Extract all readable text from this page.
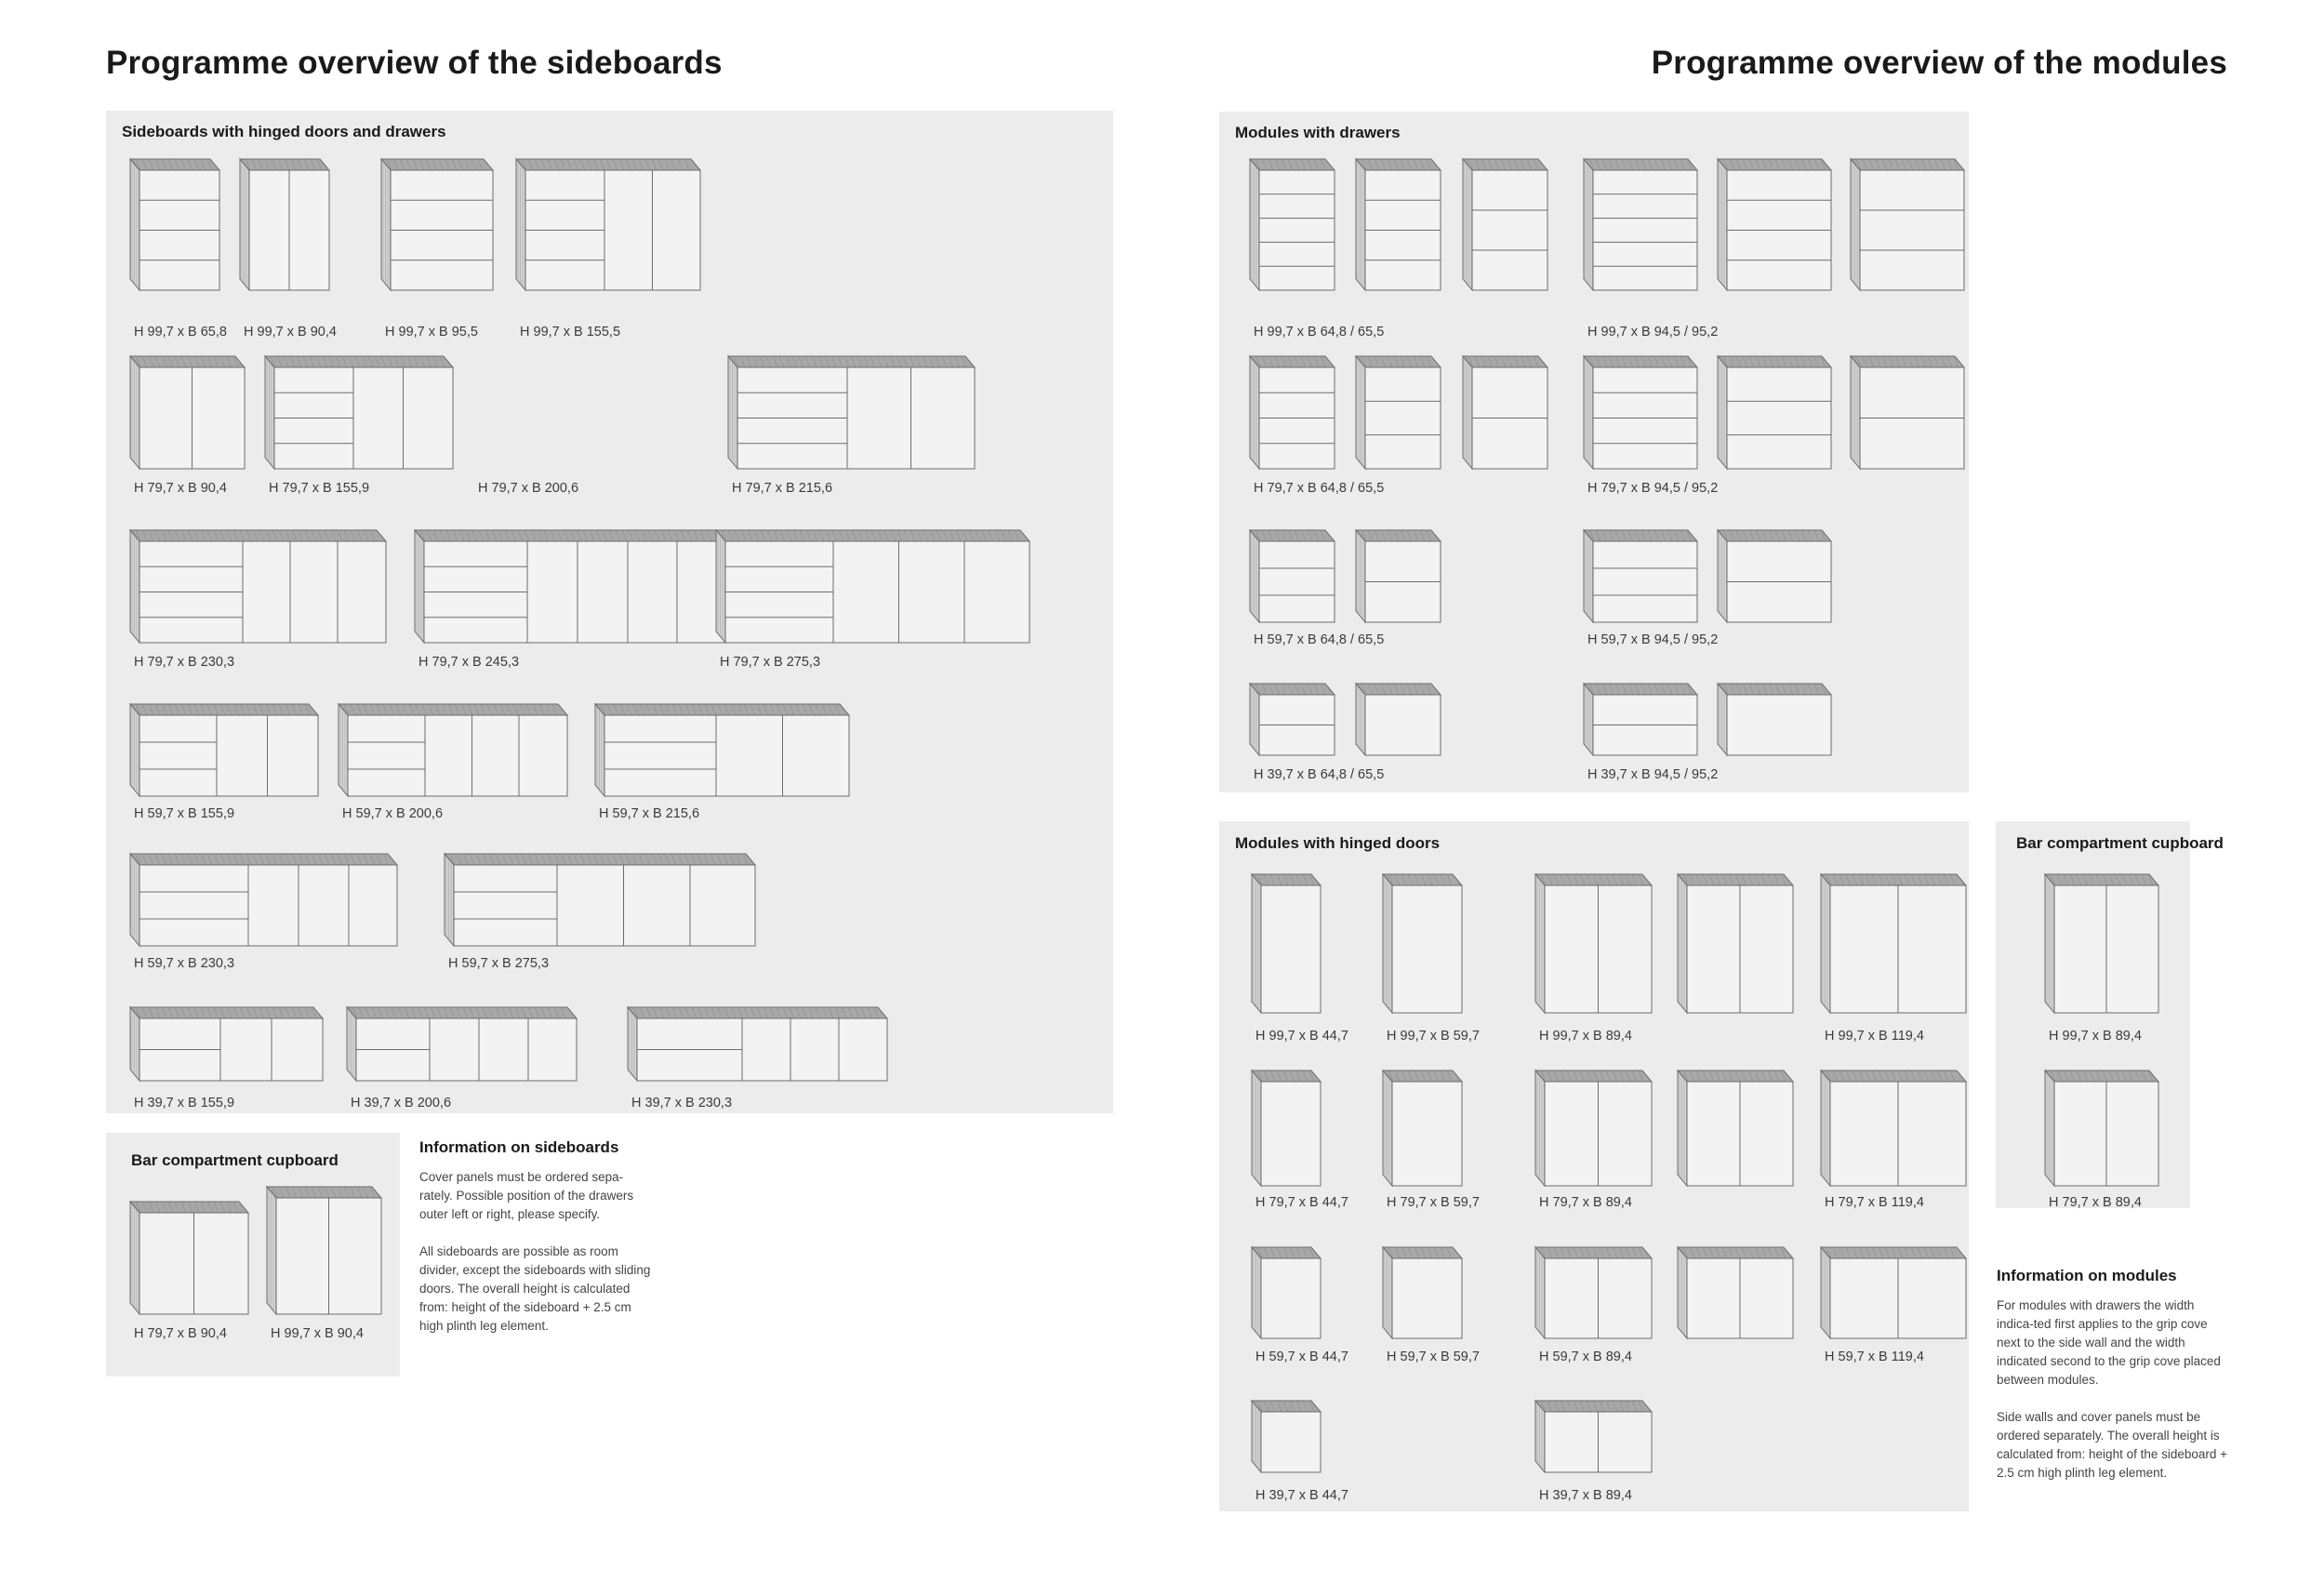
Programme overview of the sideboards	Programme overview of the modules
Sideboards with hinged doors and drawers
Bar compartment cupboard
Information on sideboards

Cover panels must be ordered sepa-rately. Possible position of the drawers outer left or right, please specify.

All sideboards are possible as room divider, except the sideboards with sliding doors. The overall height is calculated from: height of the sideboard + 2.5 cm high plinth leg element.

Modules with drawers
Modules with hinged doors	Bar compartment cupboard
Information on modules

For modules with drawers the width indica-ted first applies to the grip cove next to the side wall and the width indicated second to the grip cove placed between modules.

Side walls and cover panels must be ordered separately. The overall height is calculated from: height of the sideboard + 2.5 cm high plinth leg element.

H 99,7 x B 65,8 H 99,7 x B 90,4	H 99,7 x B 95,5	H 99,7 x B 155,5
H 79,7 x B 90,4	H 79,7 x B 155,9	H 79,7 x B 200,6	H 79,7 x B 215,6
H 79,7 x B 230,3	H 79,7 x B 245,3	H 79,7 x B 275,3
H 59,7 x B 155,9	H 59,7 x B 200,6	H 59,7 x B 215,6
H 59,7 x B 230,3	H 59,7 x B 275,3
H 39,7 x B 155,9	H 39,7 x B 200,6	H 39,7 x B 230,3
H 79,7 x B 90,4	H 99,7 x B 90,4
H 99,7 x B 64,8 / 65,5	H 99,7 x B 94,5 / 95,2
H 79,7 x B 64,8 / 65,5	H 79,7 x B 94,5 / 95,2
H 59,7 x B 64,8 / 65,5	H 59,7 x B 94,5 / 95,2
H 39,7 x B 64,8 / 65,5	H 39,7 x B 94,5 / 95,2
H 99,7 x B 44,7	H 99,7 x B 59,7	H 99,7 x B 89,4	H 99,7 x B 119,4
H 79,7 x B 44,7	H 79,7 x B 59,7	H 79,7 x B 89,4	H 79,7 x B 119,4
H 59,7 x B 44,7	H 59,7 x B 59,7	H 59,7 x B 89,4	H 59,7 x B 119,4
H 39,7 x B 44,7	H 39,7 x B 89,4
H 99,7 x B 89,4
H 79,7 x B 89,4
